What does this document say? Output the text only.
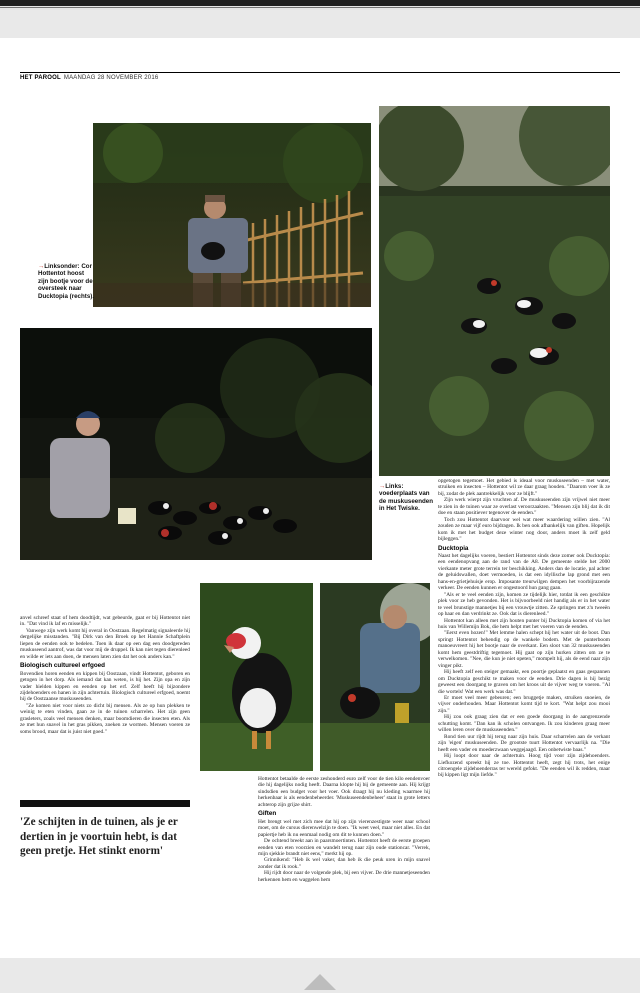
HET PAROOL MAANDAG 28 NOVEMBER 2016
→Linksonder: Cor Hottentot hoost zijn bootje voor de oversteek naar Ducktopia (rechts).
→Links: voederplaats van de muskuseenden in Het Twiske.

anvel schreef staat of hem doodtijdt, wat gebeurde, gaat er bij Hottentot niet in. "Dat vind ik laf en misselijk."

Vanwege zijn werk komt hij overal in Oostzaan. Regelmatig signaleerde hij dergelijke misstanden. "Bij Dirk van den Broek op het Hannie Schaftplein liepen de eenden ook te bedelen. Toen ik daar op een dag een doodgereden muskuseend aantrof, was dat voor mij de druppel. Ik kan niet tegen dierenleed en wilde er iets aan doen, de mensen laten zien dat het ook anders kan."

Biologisch cultureel erfgoed

Bovendien horen eenden en kippen bij Oostzaan, vindt Hottentot, geboren en getogen in het dorp. Als iemand dat kan weten, is hij het. Zijn opa en zijn vader hielden kippen en eenden op het erf. Zelf heeft hij bijzondere zijdehoenders en hanen in zijn achtertuin. Biologisch cultureel erfgoed, noemt hij de Oostzaanse muskuseenden.

"Ze komen niet voor niets zo dicht bij mensen. Als ze op hun plekken te weinig te eten vinden, gaan ze in de tuinen scharrelen. Het zijn geen grasleters, zoals veel mensen denken, maar boomdieren die insecten eten. Als ze met hun snavel in het gras pikken, zoeken ze wormen. Mensen voeren ze soms brood, maar dat is juist niet goed."

'Ze schijten in de tuinen, als je er dertien in je voortuin hebt, is dat geen pretje. Het stinkt enorm'

Hottentot betaalde de eerste zeshonderd euro zelf voor de tien kilo eendenvoer die hij dagelijks nodig heeft. Daarna klopte hij bij de gemeente aan. Hij krijgt sindsdien een budget voor het voer. Ook draagt hij nu kleding waarmee hij herkenbaar is als eendenbeheerder. 'Muskuseendenbeheer' staat in grote letters achterop zijn grijze shirt.

Giften

Het brengt wel met zich mee dat hij op zijn vierenzestigste weer naar school moet, om de cursus dierenwelzijn te doen. "Ik weet veel, maar niet alles. En dat papiertje heb ik nu eenmaal nodig om dit te kunnen doen."

De ochtend breekt aan in paarsmoertinten. Hottentot heeft de eerste groepen eenden van eten voorzien en wandelt terug naar zijn oude stationcar. "Verrek, mijn sjekkie brandt niet eens," merkt hij op.

Grinnikend: "Heb ik wel vaker, dan heb ik die peuk uren in mijn snavel zonder dat ik rook."

Hij rijdt door naar de volgende plek, bij een vijver. De drie mannetjeseenden herkennen hem en waggelen hem

opgetogen tegemoet. Het gebied is ideaal voor muskuseenden – met water, struiken en insecten – Hottentot wil ze daar graag houden. "Daarom voer ik ze bij, zodat de plek aantrekkelijk voor ze blijft."

Zijn werk wierpt zijn vruchten af. De muskuseenden zijn vrijwel niet meer te zien in de tuinen waar ze overlast veroorzaakten. "Mensen zijn blij dat ik dit doe en staan positiever tegenover de eenden."

Toch zou Hottentot daarvoor wel wat meer waardering willen zien. "Al zouden ze maar vijf euro bijdragen. Ik ben ook afhankelijk van giften. Hopelijk kom ik met het budget deze winter nog door, anders moet ik zelf geld bijleggen."

Ducktopia

Naast het dagelijks voeren, bestiert Hottentot sinds deze zomer ook Ducktopia: een eendenopvang aan de rand van de A8. De gemeente stelde het 2000 vierkante meter grote terrein ter beschikking. Anders dan de locatie, pal achter de geluidswallen, doet vermoeden, is dat een idyllische lap grond met een hans-en-grietjehuisje erop. Imposante treurwilgen dempen het voorbijrazende verkeer. De eenden kunnen er ongestoord hun gang gaan.

"Als er te veel eenden zijn, komen ze tijdelijk hier, totdat ik een geschikte plek voor ze heb gevonden. Het is bijvoorbeeld niet handig als er in het water te veel brunstige mannetjes bij een vrouwtje zitten. Ze springen met z'n tweeën op haar en dan verdrinkt ze. Ook dat is dierenleed."

Hottentot kan alleen met zijn houten punter bij Ducktopia komen of via het huis van Willemijn Bok, die hem helpt met het voeren van de eenden.

"Eerst even hozen!" Met lemme halen schept hij het water uit de boot. Dan springt Hottentot behendig op de wankele bodem. Met de punterboom manoeuvreert hij het bootje naar de overkant. Een sloot van 32 muskuseenden komt hem geestdriftig tegemoet. Hij gaat op zijn hurken zitten om ze te verwelkomen. "Nee, die kun je niet opeten," mompelt hij, als de eend naar zijn vinger pikt.

Hij heeft zelf een steiger gemaakt, een poortje geplaatst en gaas gespannen om Ducktopia geschikt te maken voor de eenden. Drie dagen is hij bezig geweest een doorgang te graven om het kroos uit de vijver weg te voeren. "Al die wortels! Wat een werk was dat."

Er moet veel meer gebeuren; een bruggetje maken, struiken snoeien, de vijver onderhouden. Maar Hottentot komt tijd te kort. "Wat helpt zou mooi zijn."

Hij zou ook graag zien dat er een goede doorgang in de aangrenzende schutting komt. "Dan kan ik scholen ontvangen. Ik zou kinderen graag meer willen leren over de muskuseenden."

Rond tien uur rijdt hij terug naar zijn huis. Daar scharrelen aan de verkant zijn 'eigen' muskuseenden. De grootste tuurt Hottentot vervaarlijk na. "Die heeft een vader en moederzwaan weggejaagd. Een onbetwiste baas."

Hij loopt door naar de achtertuin. Hoog tijd voor zijn zijdehoenders. Liefkozend spreekt hij ze toe. Hottentot heeft, zegt hij trots, het enige citroengele zijdehoenderras ter wereld gefokt. "De eenden wil ik redden, maar bij kippen ligt mijn liefde."
